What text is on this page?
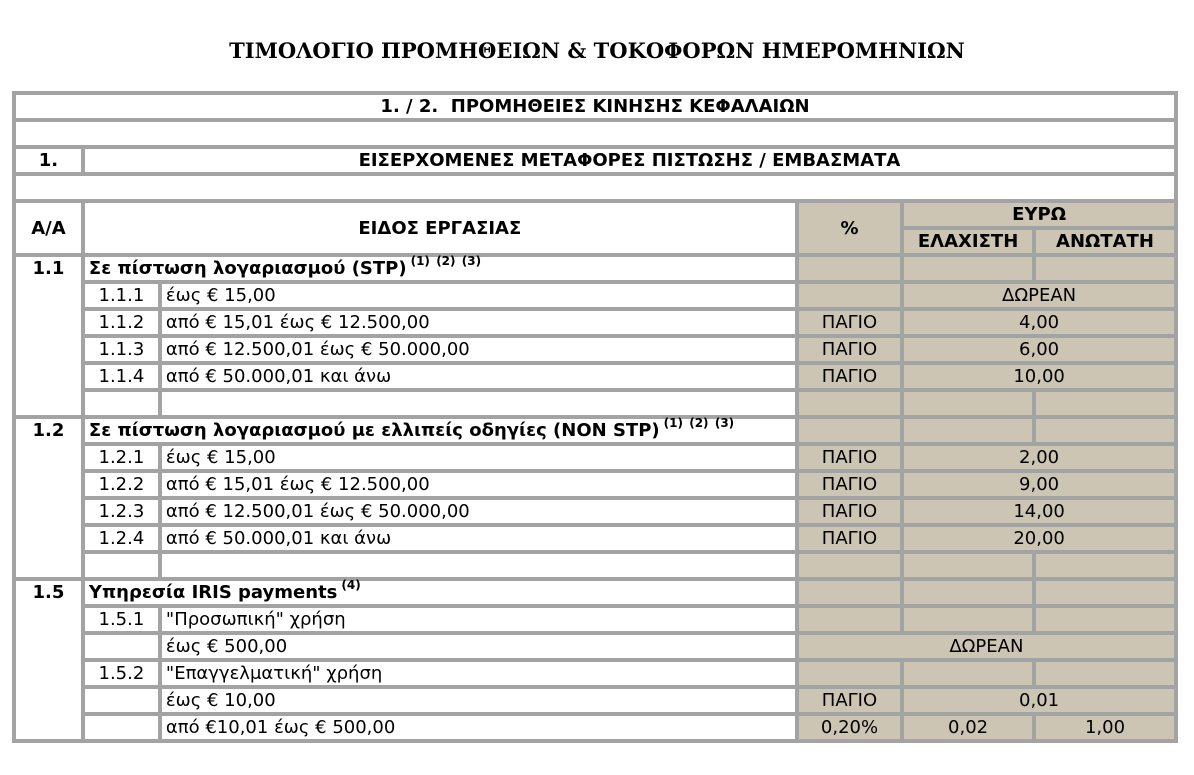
ΤΙΜΟΛΟΓΙΟ ΠΡΟΜΗΘΕΙΩΝ & ΤΟΚΟΦΟΡΩΝ ΗΜΕΡΟΜΗΝΙΩΝ
1. / 2.  ΠΡΟΜΗΘΕΙΕΣ ΚΙΝΗΣΗΣ ΚΕΦΑΛΑΙΩΝ					

1.	ΕΙΣΕΡΧΟΜΕΝΕΣ ΜΕΤΑΦΟΡΕΣ ΠΙΣΤΩΣΗΣ / ΕΜΒΑΣΜΑΤΑ				

Α/Α	ΕΙΔΟΣ ΕΡΓΑΣΙΑΣ		%	ΕΥΡΩ	
				ΕΛΑΧΙΣΤΗ	ΑΝΩΤΑΤΗ
1.1	Σε πίστωση λογαριασμού (STP) $^{(1)}$ $^{(2)}$ $^{(3)}$			
	1.1.1	έως € 15,00		ΔΩΡΕΑΝ	
	1.1.2	από € 15,01 έως € 12.500,00	ΠΑΓΙΟ	4,00	
	1.1.3	από € 12.500,01 έως € 50.000,00	ΠΑΓΙΟ	6,00	
	1.1.4	από € 50.000,01 και άνω	ΠΑΓΙΟ	10,00	

1.2	Σε πίστωση λογαριασμού με ελλιπείς οδηγίες (NON STP) $^{(1)}$ $^{(2)}$ $^{(3)}$			
	1.2.1	έως € 15,00	ΠΑΓΙΟ	2,00	
	1.2.2	από € 15,01 έως € 12.500,00	ΠΑΓΙΟ	9,00	
	1.2.3	από € 12.500,01 έως € 50.000,00	ΠΑΓΙΟ	14,00	
	1.2.4	από € 50.000,01 και άνω	ΠΑΓΙΟ	20,00	

1.5	Υπηρεσία IRIS payments $^{(4)}$			
	1.5.1	"Προσωπική" χρήση			
		έως € 500,00	ΔΩΡΕΑΝ		
	1.5.2	"Επαγγελματική" χρήση			
		έως € 10,00	ΠΑΓΙΟ	0,01	
		από €10,01 έως € 500,00	0,20%	0,02	1,00
